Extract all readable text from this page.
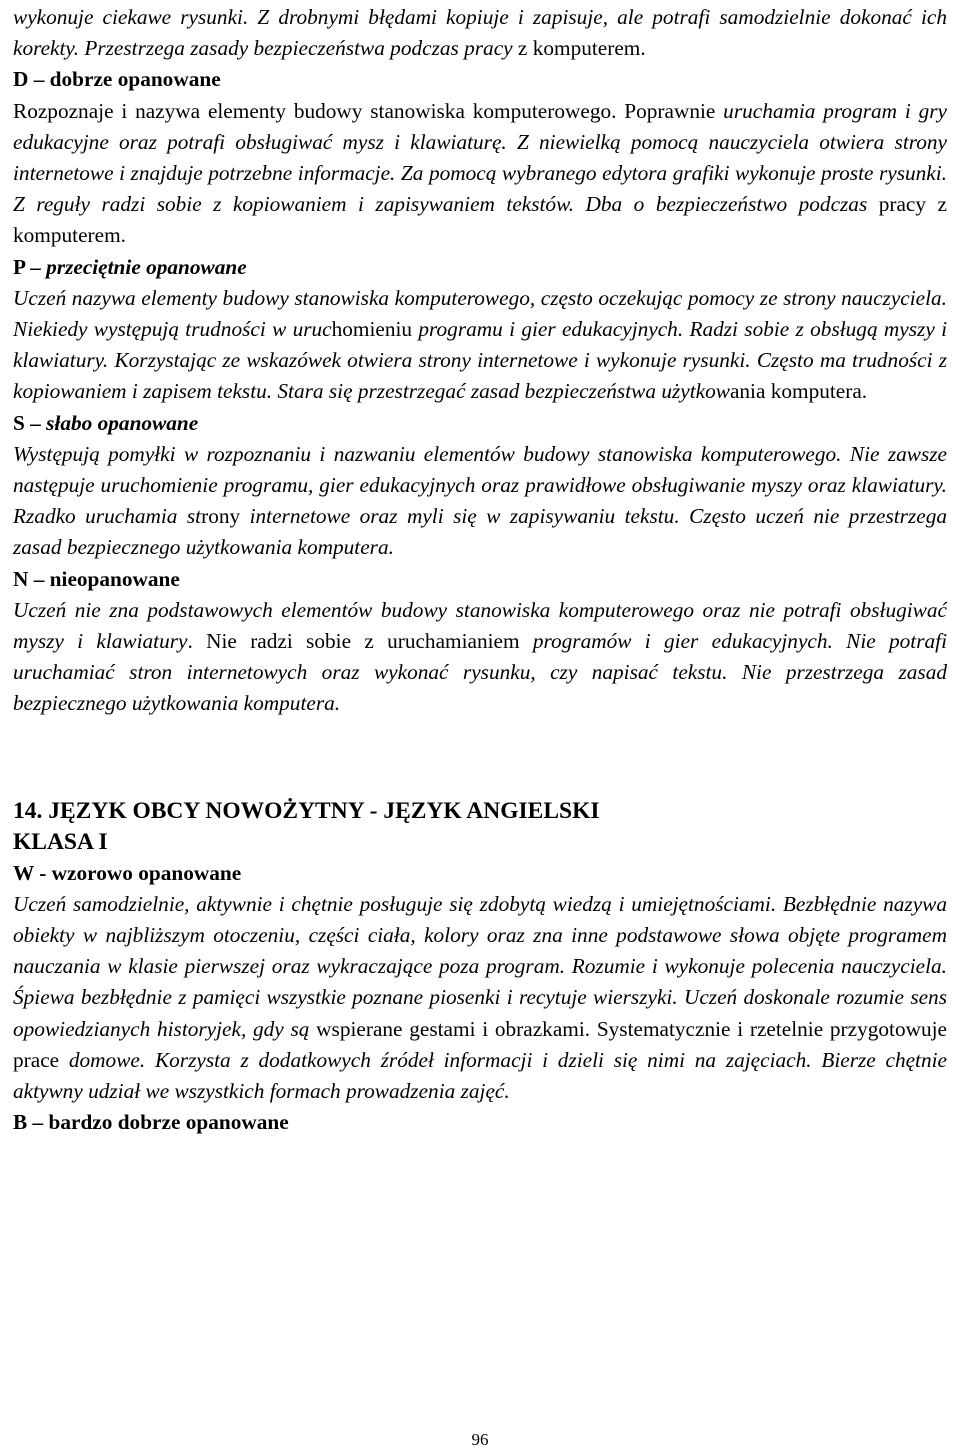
wykonuje ciekawe rysunki. Z drobnymi błędami kopiuje i zapisuje, ale potrafi samodzielnie dokonać ich korekty. Przestrzega zasady bezpieczeństwa podczas pracy z komputerem.

D – dobrze opanowane

Rozpoznaje i nazywa elementy budowy stanowiska komputerowego. Poprawnie uruchamia program i gry edukacyjne oraz potrafi obsługiwać mysz i klawiaturę. Z niewielką pomocą nauczyciela otwiera strony internetowe i znajduje potrzebne informacje. Za pomocą wybranego edytora grafiki wykonuje proste rysunki. Z reguły radzi sobie z kopiowaniem i zapisywaniem tekstów. Dba o bezpieczeństwo podczas pracy z komputerem.

P – przeciętnie opanowane

Uczeń nazywa elementy budowy stanowiska komputerowego, często oczekując pomocy ze strony nauczyciela. Niekiedy występują trudności w uruchomieniu programu i gier edukacyjnych. Radzi sobie z obsługą myszy i klawiatury. Korzystając ze wskazówek otwiera strony internetowe i wykonuje rysunki. Często ma trudności z kopiowaniem i zapisem tekstu. Stara się przestrzegać zasad bezpieczeństwa użytkowania komputera.

S – słabo opanowane

Występują pomyłki w rozpoznaniu i nazwaniu elementów budowy stanowiska komputerowego. Nie zawsze następuje uruchomienie programu, gier edukacyjnych oraz prawidłowe obsługiwanie myszy oraz klawiatury. Rzadko uruchamia strony internetowe oraz myli się w zapisywaniu tekstu. Często uczeń nie przestrzega zasad bezpiecznego użytkowania komputera.

N – nieopanowane

Uczeń nie zna podstawowych elementów budowy stanowiska komputerowego oraz nie potrafi obsługiwać myszy i klawiatury. Nie radzi sobie z uruchamianiem programów i gier edukacyjnych. Nie potrafi uruchamiać stron internetowych oraz wykonać rysunku, czy napisać tekstu. Nie przestrzega zasad bezpiecznego użytkowania komputera.

14. JĘZYK OBCY NOWOŻYTNY - JĘZYK ANGIELSKI

KLASA I

W - wzorowo opanowane

Uczeń samodzielnie, aktywnie i chętnie posługuje się zdobytą wiedzą i umiejętnościami. Bezbłędnie nazywa obiekty w najbliższym otoczeniu, części ciała, kolory oraz zna inne podstawowe słowa objęte programem nauczania w klasie pierwszej oraz wykraczające poza program. Rozumie i wykonuje polecenia nauczyciela. Śpiewa bezbłędnie z pamięci wszystkie poznane piosenki i recytuje wierszyki. Uczeń doskonale rozumie sens opowiedzianych historyjek, gdy są wspierane gestami i obrazkami. Systematycznie i rzetelnie przygotowuje prace domowe. Korzysta z dodatkowych źródeł informacji i dzieli się nimi na zajęciach. Bierze chętnie aktywny udział we wszystkich formach prowadzenia zajęć.

B – bardzo dobrze opanowane

96
